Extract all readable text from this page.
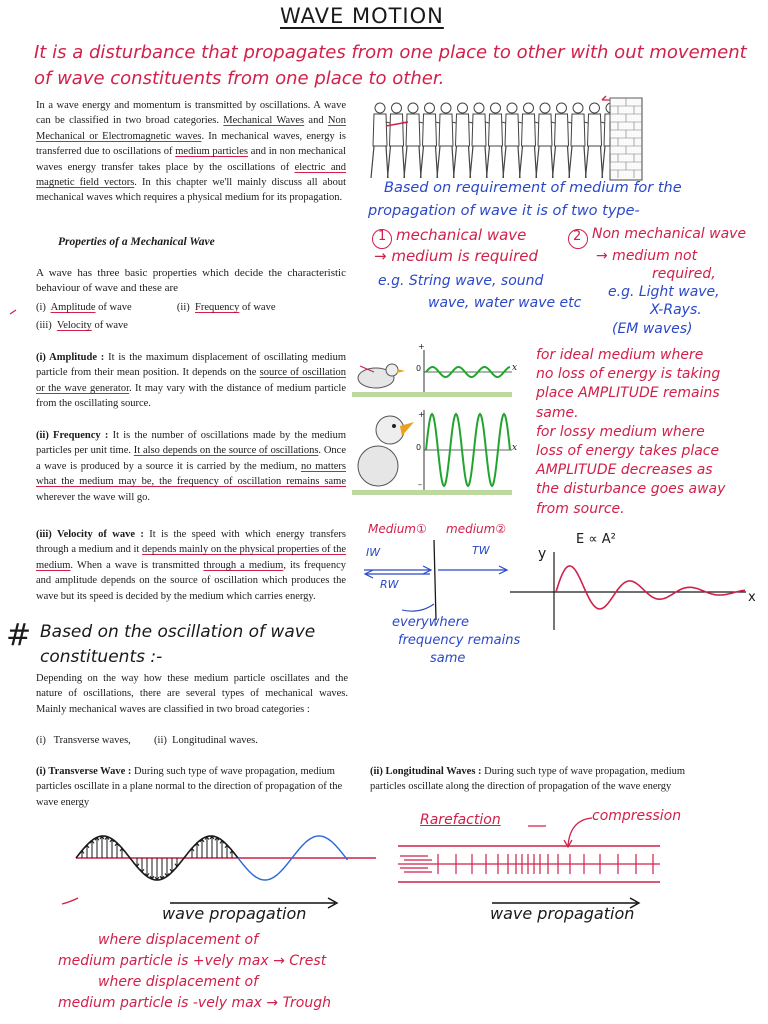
WAVE MOTION
It is a disturbance that propagates from one place to other with out movement of wave constituents from one place to other.
In a wave energy and momentum is transmitted by oscillations. A wave can be classified in two broad categories. Mechanical Waves and Non Mechanical or Electromagnetic waves. In mechanical waves, energy is transferred due to oscillations of medium particles and in non mechanical waves energy transfer takes place by the oscillations of electric and magnetic field vectors. In this chapter we'll mainly discuss all about mechanical waves which requires a physical medium for its propagation.
Properties of a Mechanical Wave
A wave has three basic properties which decide the characteristic behaviour of wave and these are
(i) Amplitude of wave	(ii) Frequency of wave
(iii) Velocity of wave
(i) Amplitude : It is the maximum displacement of oscillating medium particle from their mean position. It depends on the source of oscillation or the wave generator. It may vary with the distance of medium particle from the oscillating source.
(ii) Frequency : It is the number of oscillations made by the medium particles per unit time. It also depends on the source of oscillations. Once a wave is produced by a source it is carried by the medium, no matters what the medium may be, the frequency of oscillation remains same wherever the wave will go.
(iii) Velocity of wave : It is the speed with which energy transfers through a medium and it depends mainly on the physical properties of the medium. When a wave is transmitted through a medium, its frequency and amplitude depends on the source of oscillation which produces the wave but its speed is decided by the medium which carries energy.
# Based on the oscillation of wave
constituents :-
Depending on the way how these medium particle oscillates and the nature of oscillations, there are several types of mechanical waves. Mainly mechanical waves are classified in two broad categories :
(i) Transverse waves, (ii) Longitudinal waves.
(i) Transverse Wave : During such type of wave propagation, medium particles oscillate in a plane normal to the direction of propagation of the wave energy
(ii) Longitudinal Waves : During such type of wave propagation, medium particles oscillate along the direction of propagation of the wave energy
wave propagation
where displacement of
medium particle is +vely max → Crest
where displacement of
medium particle is -vely max → Trough
Rarefaction	compression
wave propagation
Based on requirement of medium for the
propagation of wave it is of two type-
1 mechanical wave
→ medium is required
e.g. String wave, sound
wave, water wave etc
2 Non mechanical wave
→ medium not
required,
e.g. Light wave,
X-Rays.
(EM waves)
0
+
x
0
+
–
x
for ideal medium where
no loss of energy is taking
place AMPLITUDE remains
same.
for lossy medium where
loss of energy takes place
AMPLITUDE decreases as
the disturbance goes away
from source.
Medium① medium②
IW	TW
RW
everywhere
frequency remains
same
y
E ∝ A²
x
